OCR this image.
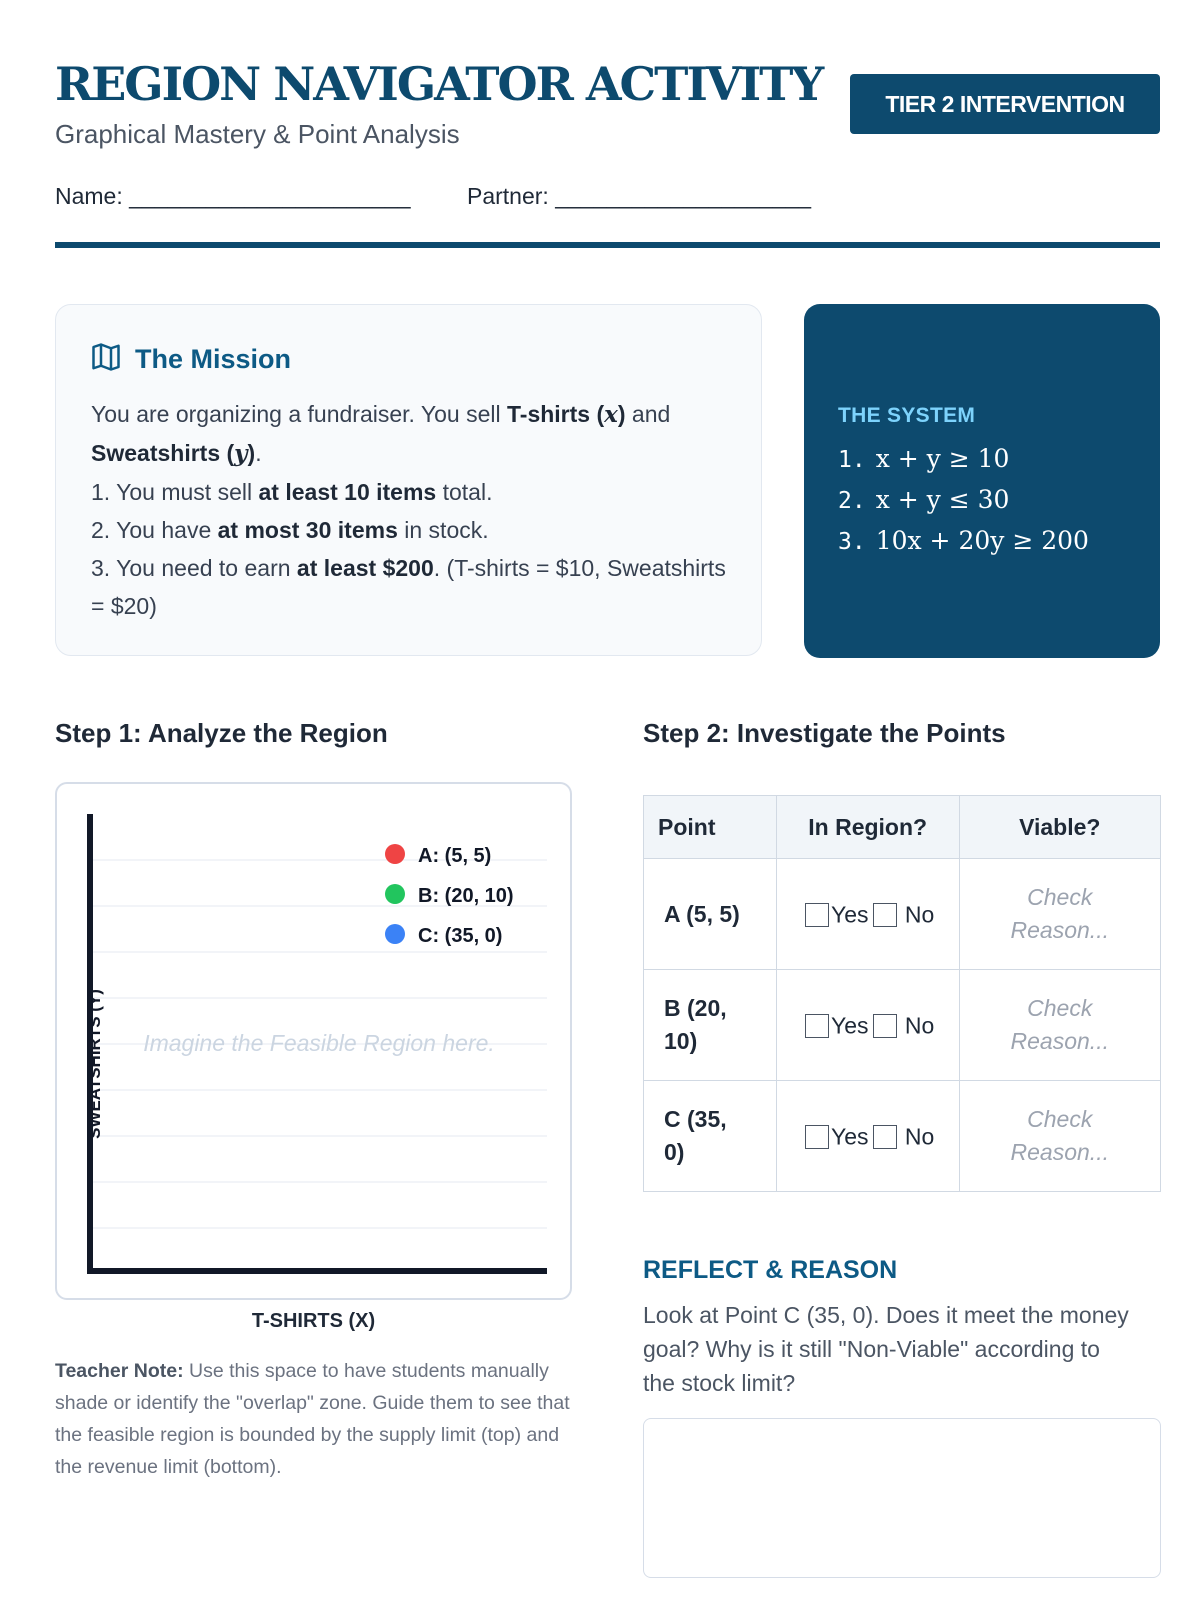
REGION NAVIGATOR ACTIVITY
Graphical Mastery & Point Analysis
TIER 2 INTERVENTION
Name: ______________________ Partner: ____________________
The Mission
You are organizing a fundraiser. You sell T-shirts (x) and
Sweatshirts (y).
1. You must sell at least 10 items total.
2. You have at most 30 items in stock.
3. You need to earn at least $200. (T-shirts = $10, Sweatshirts = $20)
THE SYSTEM
1. x + y ≥ 10
2. x + y ≤ 30
3. 10x + 20y ≥ 200
Step 1: Analyze the Region	Step 2: Investigate the Points
SWEATSHIRTS (Y) Imagine the Feasible Region here.
A: (5, 5)
B: (20, 10)
C: (35, 0)
T-SHIRTS (X)
Teacher Note: Use this space to have students manually shade or identify the "overlap" zone. Guide them to see that the feasible region is bounded by the supply limit (top) and the revenue limit (bottom).
Point	In Region?	Viable?
A (5, 5)	Yes No	Check Reason...

B (20, 10)	Yes No	Check Reason...

C (35, 0)	Yes No	Check Reason...
REFLECT & REASON
Look at Point C (35, 0). Does it meet the money goal? Why is it still "Non-Viable" according to the stock limit?
